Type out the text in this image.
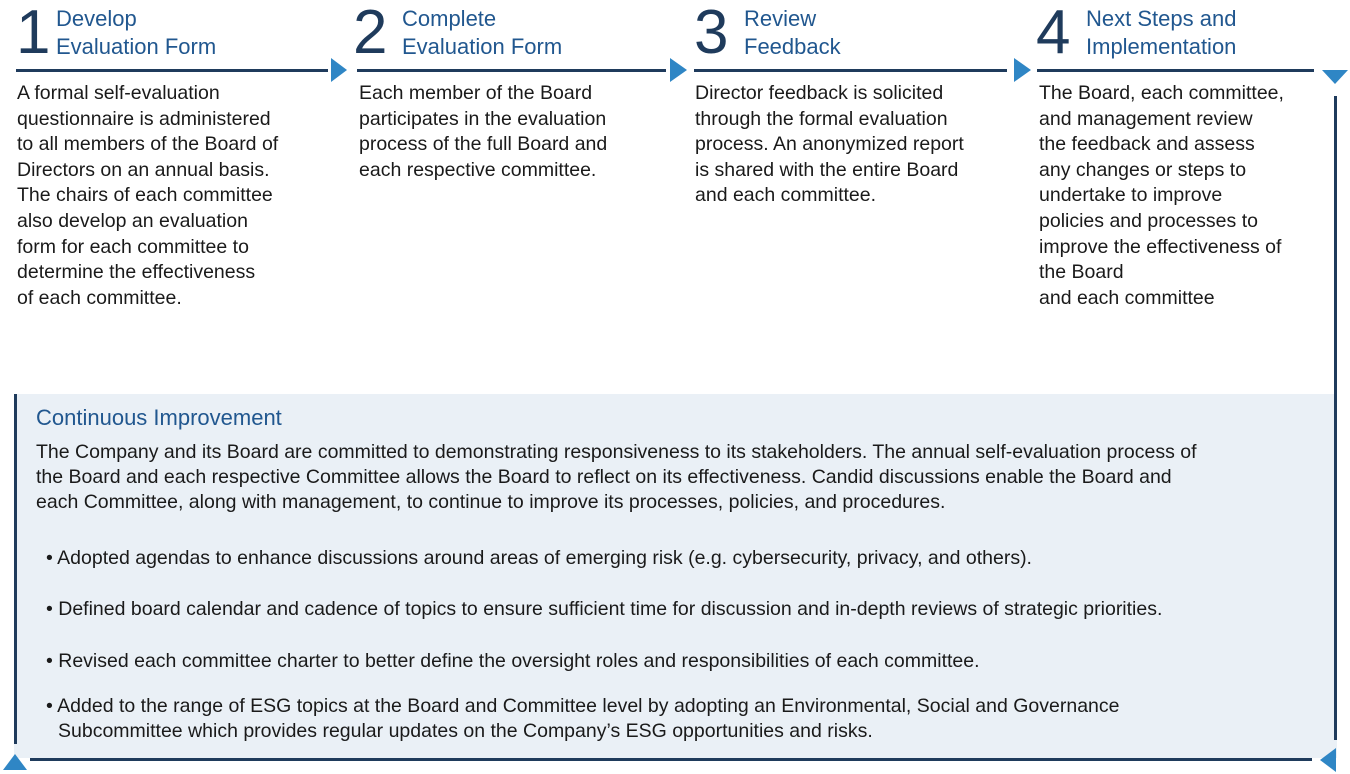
1 Develop
Evaluation Form
A formal self-evaluation
questionnaire is administered
to all members of the Board of
Directors on an annual basis.
The chairs of each committee
also develop an evaluation
form for each committee to
determine the effectiveness
of each committee.
2 Complete
Evaluation Form
Each member of the Board
participates in the evaluation
process of the full Board and
each respective committee.
3 Review
Feedback
Director feedback is solicited
through the formal evaluation
process. An anonymized report
is shared with the entire Board
and each committee.
4 Next Steps and
Implementation
The Board, each committee,
and management review
the feedback and assess
any changes or steps to
undertake to improve
policies and processes to
improve the effectiveness of
the Board
and each committee
Continuous Improvement
The Company and its Board are committed to demonstrating responsiveness to its stakeholders. The annual self-evaluation process of
the Board and each respective Committee allows the Board to reflect on its effectiveness. Candid discussions enable the Board and
each Committee, along with management, to continue to improve its processes, policies, and procedures.
• Adopted agendas to enhance discussions around areas of emerging risk (e.g. cybersecurity, privacy, and others).
• Defined board calendar and cadence of topics to ensure sufficient time for discussion and in-depth reviews of strategic priorities.
• Revised each committee charter to better define the oversight roles and responsibilities of each committee.
• Added to the range of ESG topics at the Board and Committee level by adopting an Environmental, Social and Governance
Subcommittee which provides regular updates on the Company’s ESG opportunities and risks.
